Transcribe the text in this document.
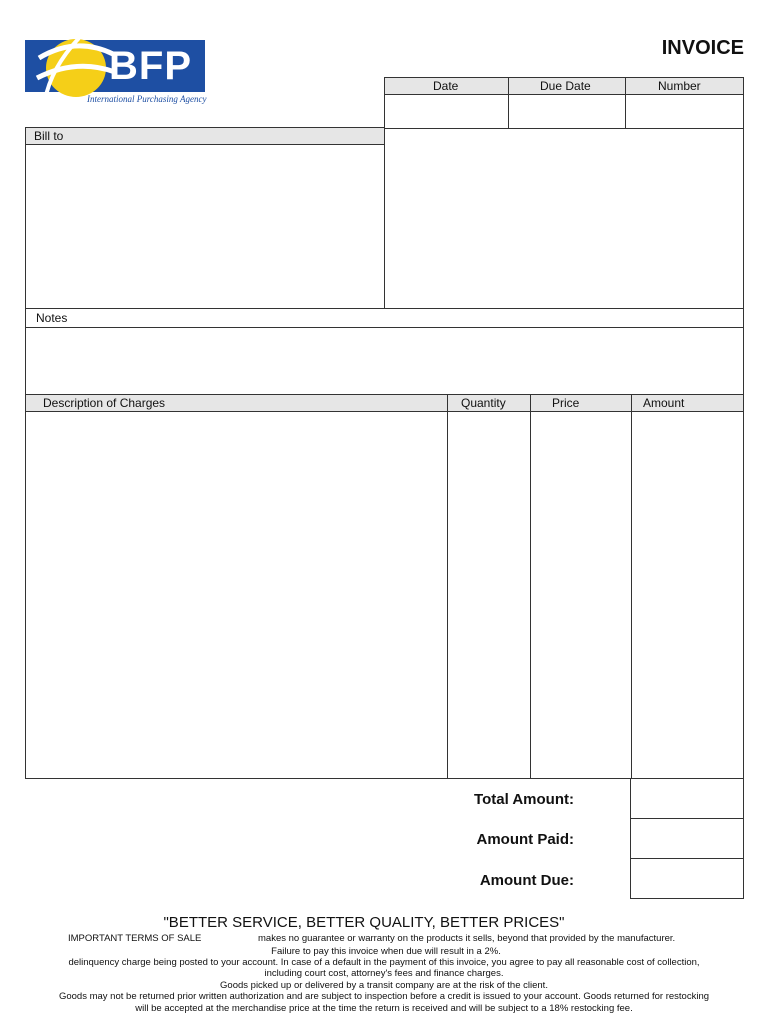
BFP
International Purchasing Agency
INVOICE
Date	Due Date	Number
Bill to
Notes
Description of Charges	Quantity	Price	Amount
Total Amount:
Amount Paid:
Amount Due:
"BETTER SERVICE, BETTER QUALITY, BETTER PRICES"
IMPORTANT TERMS OF SALE	makes no guarantee or warranty on the products it sells, beyond that provided by the manufacturer.
Failure to pay this invoice when due will result in a 2%.
delinquency charge being posted to your account. In case of a default in the payment of this invoice, you agree to pay all reasonable cost of collection,
including court cost, attorney's fees and finance charges.
Goods picked up or delivered by a transit company are at the risk of the client.
Goods may not be returned prior written authorization and are subject to inspection before a credit is issued to your account. Goods returned for restocking
will be accepted at the merchandise price at the time the return is received and will be subject to a 18% restocking fee.
